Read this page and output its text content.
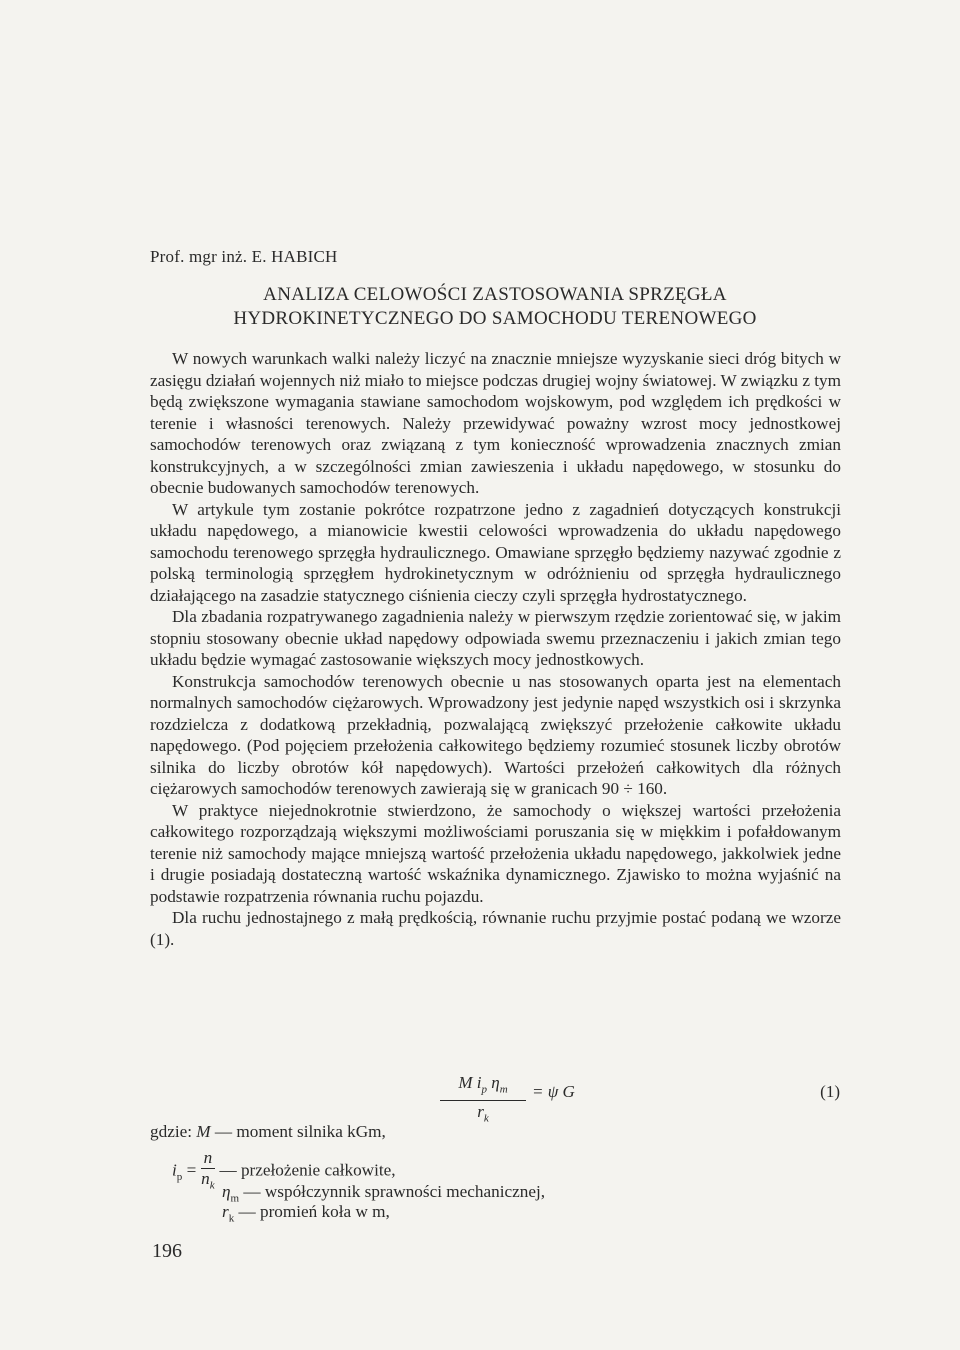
Prof. mgr inż. E. HABICH
ANALIZA CELOWOŚCI ZASTOSOWANIA SPRZĘGŁA
HYDROKINETYCZNEGO DO SAMOCHODU TERENOWEGO

W nowych warunkach walki należy liczyć na znacznie mniejsze wyzyskanie sieci dróg bitych w zasięgu działań wojennych niż miało to miejsce podczas drugiej wojny światowej. W związku z tym będą zwiększone wymagania stawiane samochodom wojskowym, pod względem ich prędkości w terenie i własności terenowych. Należy przewidywać poważny wzrost mocy jednostkowej samochodów terenowych oraz związaną z tym konieczność wprowadzenia znacznych zmian konstrukcyjnych, a w szczególności zmian zawieszenia i układu napędowego, w stosunku do obecnie budowanych samochodów terenowych.

W artykule tym zostanie pokrótce rozpatrzone jedno z zagadnień dotyczących konstrukcji układu napędowego, a mianowicie kwestii celowości wprowadzenia do układu napędowego samochodu terenowego sprzęgła hydraulicznego. Omawiane sprzęgło będziemy nazywać zgodnie z polską terminologią sprzęgłem hydrokinetycznym w odróżnieniu od sprzęgła hydraulicznego działającego na zasadzie statycznego ciśnienia cieczy czyli sprzęgła hydrostatycznego.

Dla zbadania rozpatrywanego zagadnienia należy w pierwszym rzędzie zorientować się, w jakim stopniu stosowany obecnie układ napędowy odpowiada swemu przeznaczeniu i jakich zmian tego układu będzie wymagać zastosowanie większych mocy jednostkowych.

Konstrukcja samochodów terenowych obecnie u nas stosowanych oparta jest na elementach normalnych samochodów ciężarowych. Wprowadzony jest jedynie napęd wszystkich osi i skrzynka rozdzielcza z dodatkową przekładnią, pozwalającą zwiększyć przełożenie całkowite układu napędowego. (Pod pojęciem przełożenia całkowitego będziemy rozumieć stosunek liczby obrotów silnika do liczby obrotów kół napędowych). Wartości przełożeń całkowitych dla różnych ciężarowych samochodów terenowych zawierają się w granicach 90 ÷ 160.

W praktyce niejednokrotnie stwierdzono, że samochody o większej wartości przełożenia całkowitego rozporządzają większymi możliwościami poruszania się w miękkim i pofałdowanym terenie niż samochody mające mniejszą wartość przełożenia układu napędowego, jakkolwiek jedne i drugie posiadają dostateczną wartość wskaźnika dynamicznego. Zjawisko to można wyjaśnić na podstawie rozpatrzenia równania ruchu pojazdu.

Dla ruchu jednostajnego z małą prędkością, równanie ruchu przyjmie postać podaną we wzorze (1).

$\frac{M i_p \eta_m}{r_k} = \psi$ G	(1)
gdzie: M — moment silnika kGm,
$i_p = \frac{n}{n_k}$ — przełożenie całkowite,
$\eta_m$ — współczynnik sprawności mechanicznej,
$r_k$ — promień koła w m,
196
